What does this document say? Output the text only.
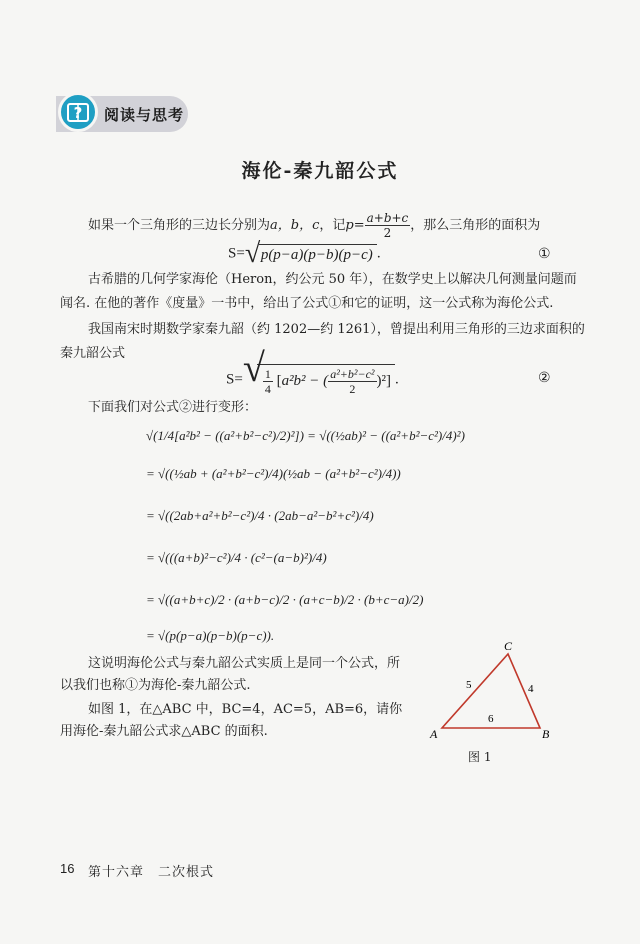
? 阅读与思考
海伦-秦九韶公式
如果一个三角形的三边长分别为a，b，c，记$p= \frac{a+b+c}{2}$ ，那么三角形的面积为
S= √ p(p−a)(p−b)(p−c) .	①
古希腊的几何学家海伦（Heron，约公元 50 年），在数学史上以解决几何测量问题而
闻名. 在他的著作《度量》一书中，给出了公式①和它的证明，这一公式称为海伦公式.
我国南宋时期数学家秦九韶（约 1202—约 1261），曾提出利用三角形的三边求面积的
秦九韶公式
S= √
$\frac{1}{4} [a^2b^2$ − ( $\frac{\text{a²+b²−c²}}{2} )^2$] .	②
下面我们对公式②进行变形：
√(1/4[a²b² − ((a²+b²−c²)/2)²]) = √((½ab)² − ((a²+b²−c²)/4)²)
= √((½ab + (a²+b²−c²)/4)(½ab − (a²+b²−c²)/4))
= √((2ab+a²+b²−c²)/4 · (2ab−a²−b²+c²)/4)
= √(((a+b)²−c²)/4 · (c²−(a−b)²)/4)
= √((a+b+c)/2 · (a+b−c)/2 · (a+c−b)/2 · (b+c−a)/2)
= √(p(p−a)(p−b)(p−c)).
这说明海伦公式与秦九韶公式实质上是同一个公式，所
以我们也称①为海伦-秦九韶公式.
如图 1，在△ABC 中，BC=4，AC=5，AB=6，请你
用海伦-秦九韶公式求△ABC 的面积.	A	B
C
5	4
6
图 1
16 第十六章　二次根式
